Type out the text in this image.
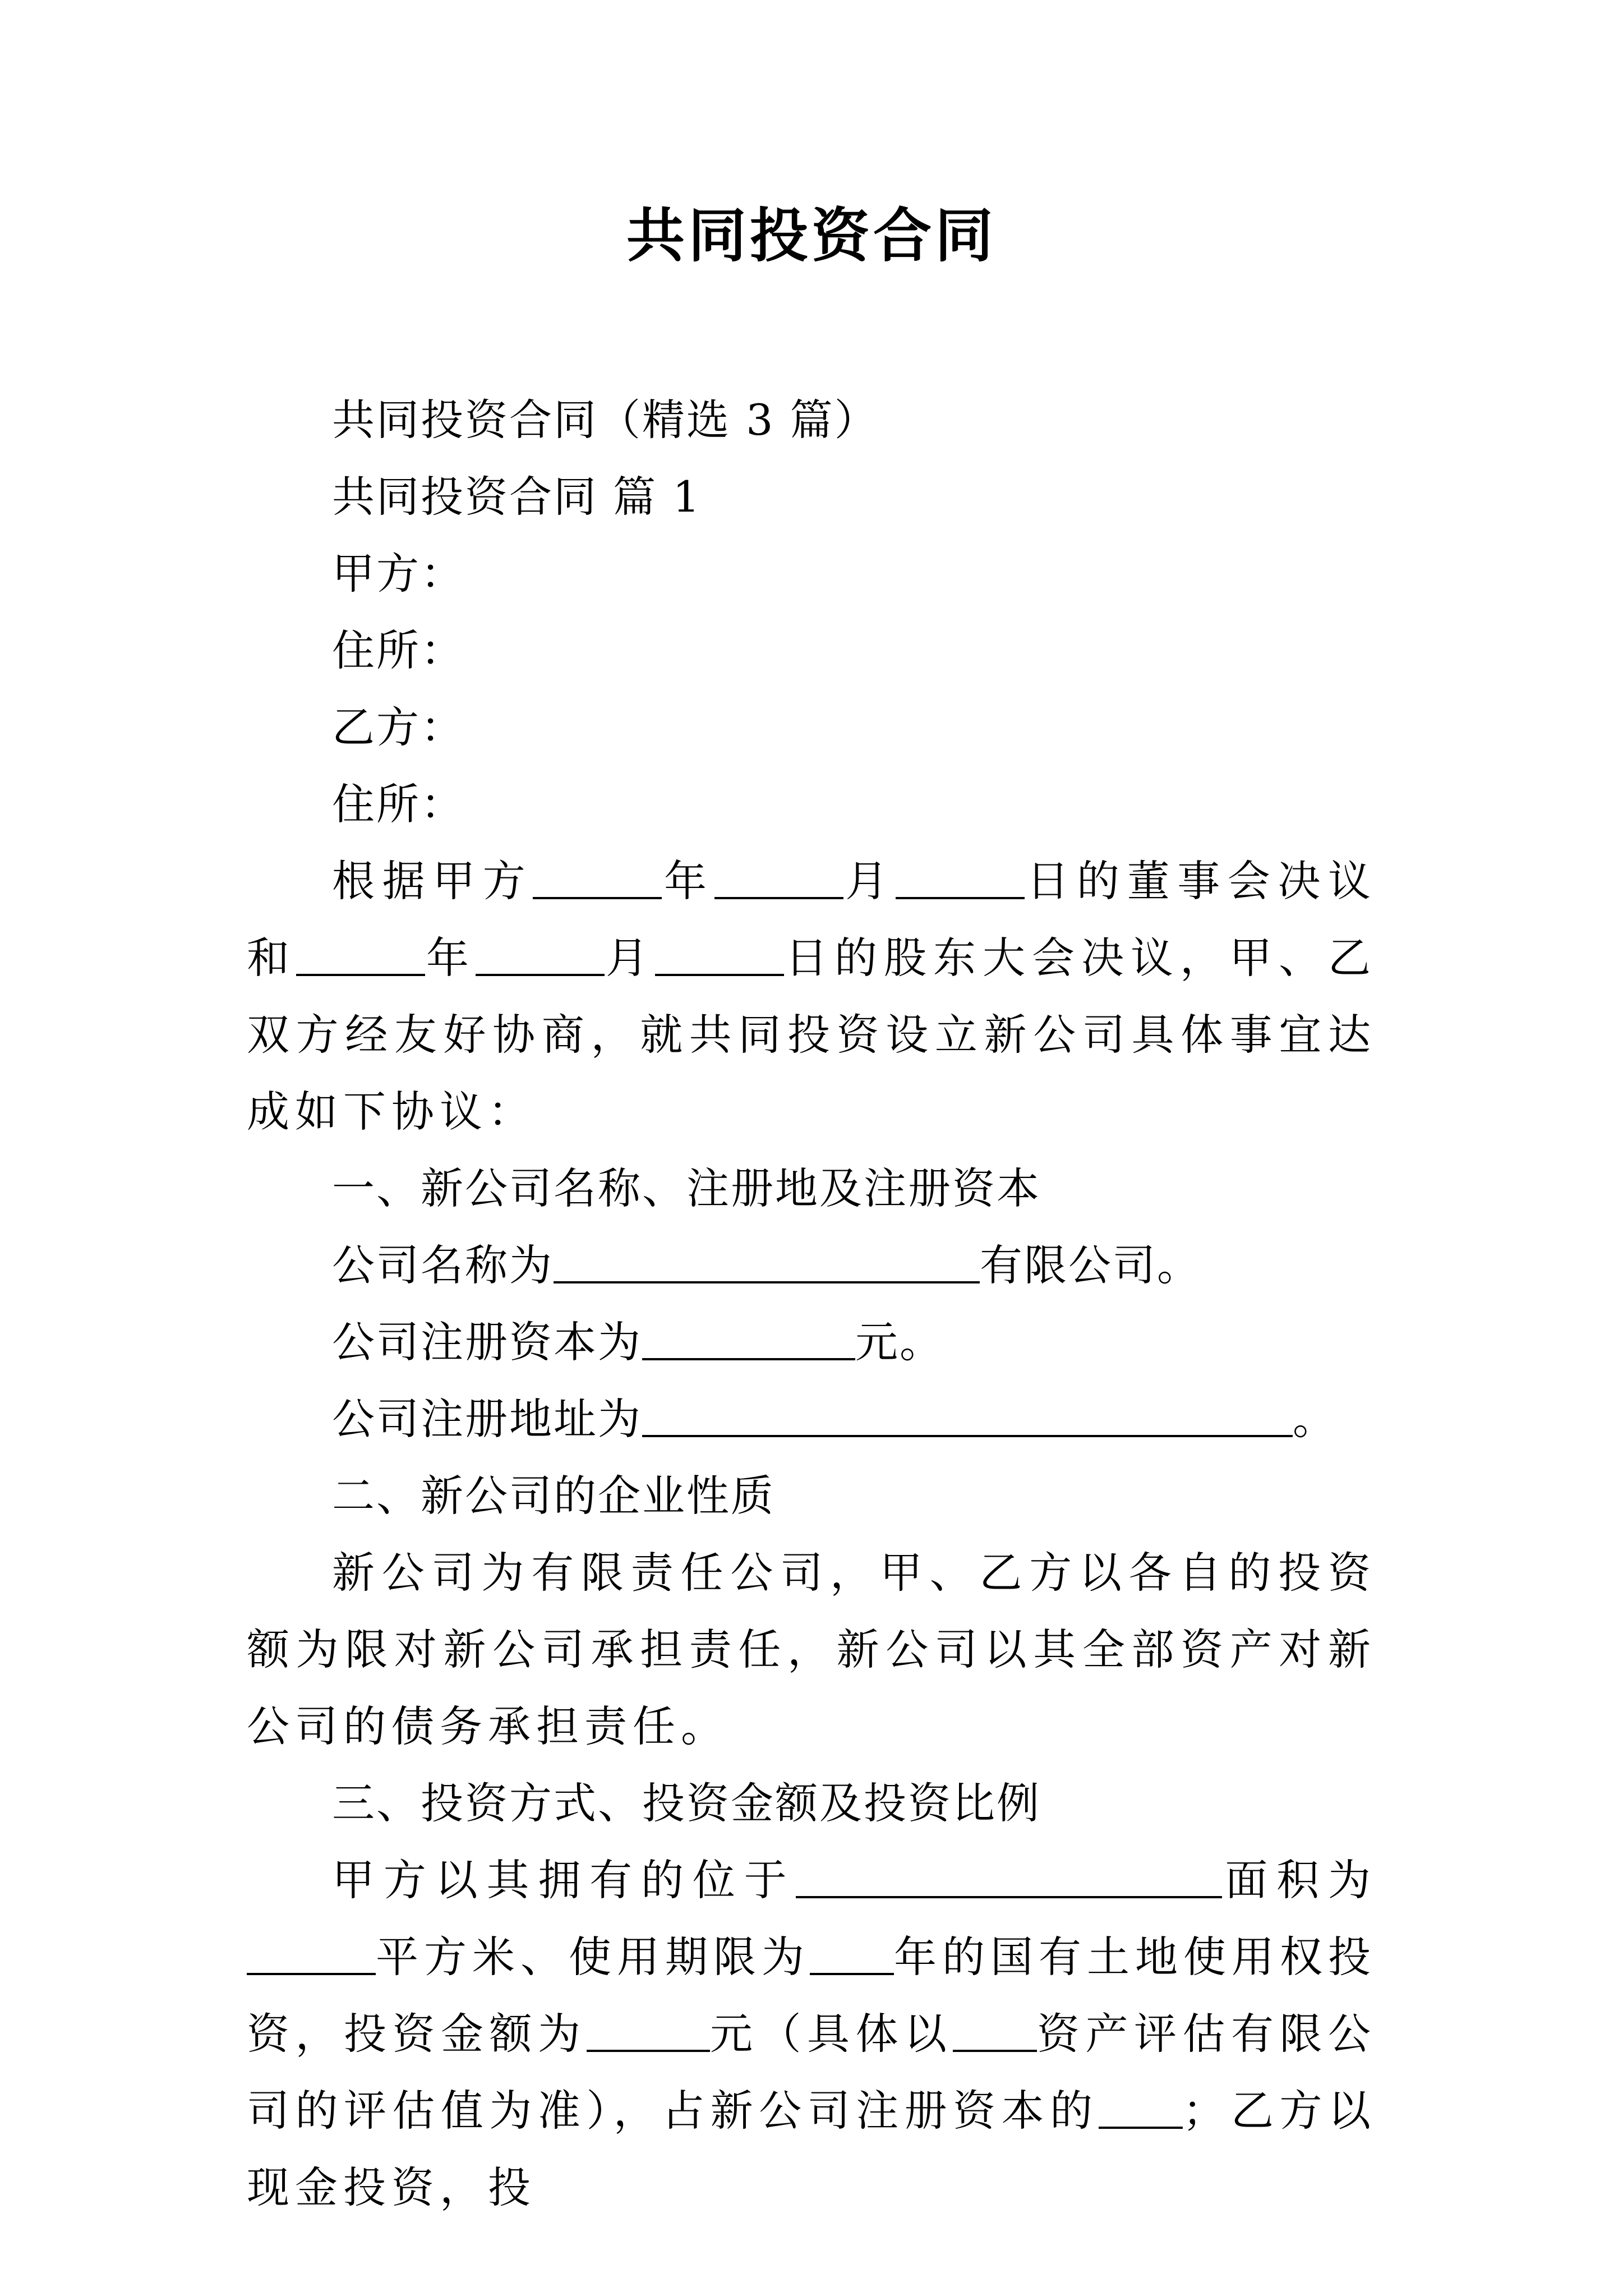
共同投资合同

共同投资合同（精选 3 篇）

共同投资合同 篇 1

甲方：

住所：

乙方：

住所：

根据甲方	年	月	日的董事会决议和	年	月	日的股东大会决议，甲、乙双方经友好协商，就共同投资设立新公司具体事宜达成如下协议：

一、新公司名称、注册地及注册资本

公司名称为	有限公司。

公司注册资本为	元。

公司注册地址为	。

二、新公司的企业性质

新公司为有限责任公司，甲、乙方以各自的投资额为限对新公司承担责任，新公司以其全部资产对新公司的债务承担责任。

三、投资方式、投资金额及投资比例

甲方以其拥有的位于	面积为平方米、使用期限为 年的国有土地使用权投资，投资金额为	元（具体以 资产评估有限公司的评估值为准），占新公司注册资本的 ；乙方以现金投资，投
